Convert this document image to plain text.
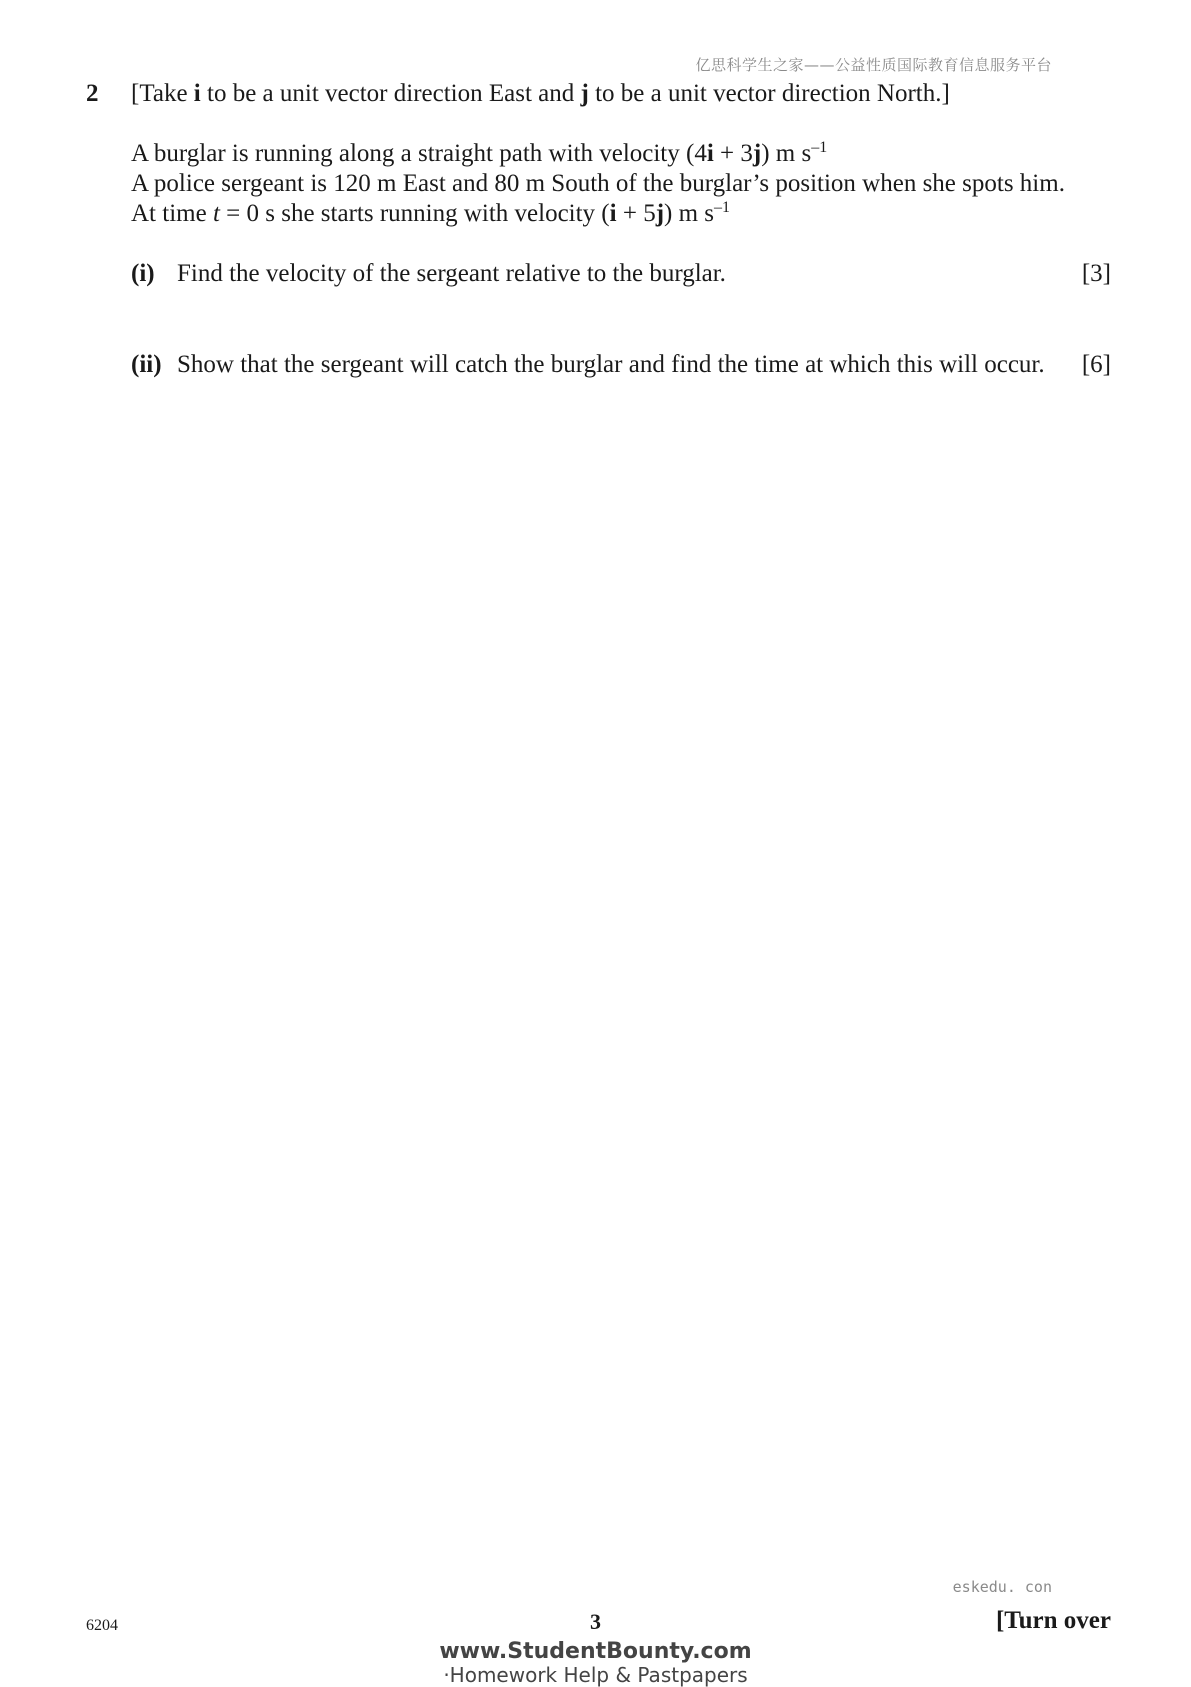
亿思科学生之家——公益性质国际教育信息服务平台
2 [Take i to be a unit vector direction East and j to be a unit vector direction North.]
A burglar is running along a straight path with velocity (4i + 3j) m $s^{-1}$
A police sergeant is 120 m East and 80 m South of the burglar’s position when she spots him.
At time t = 0 s she starts running with velocity (i + 5j) m $s^{-1}$
(i) Find the velocity of the sergeant relative to the burglar.	[3]
(ii) Show that the sergeant will catch the burglar and find the time at which this will occur. [6]
eskedu. con
6204	3	[Turn over
www.StudentBounty.com
·Homework Help & Pastpapers
